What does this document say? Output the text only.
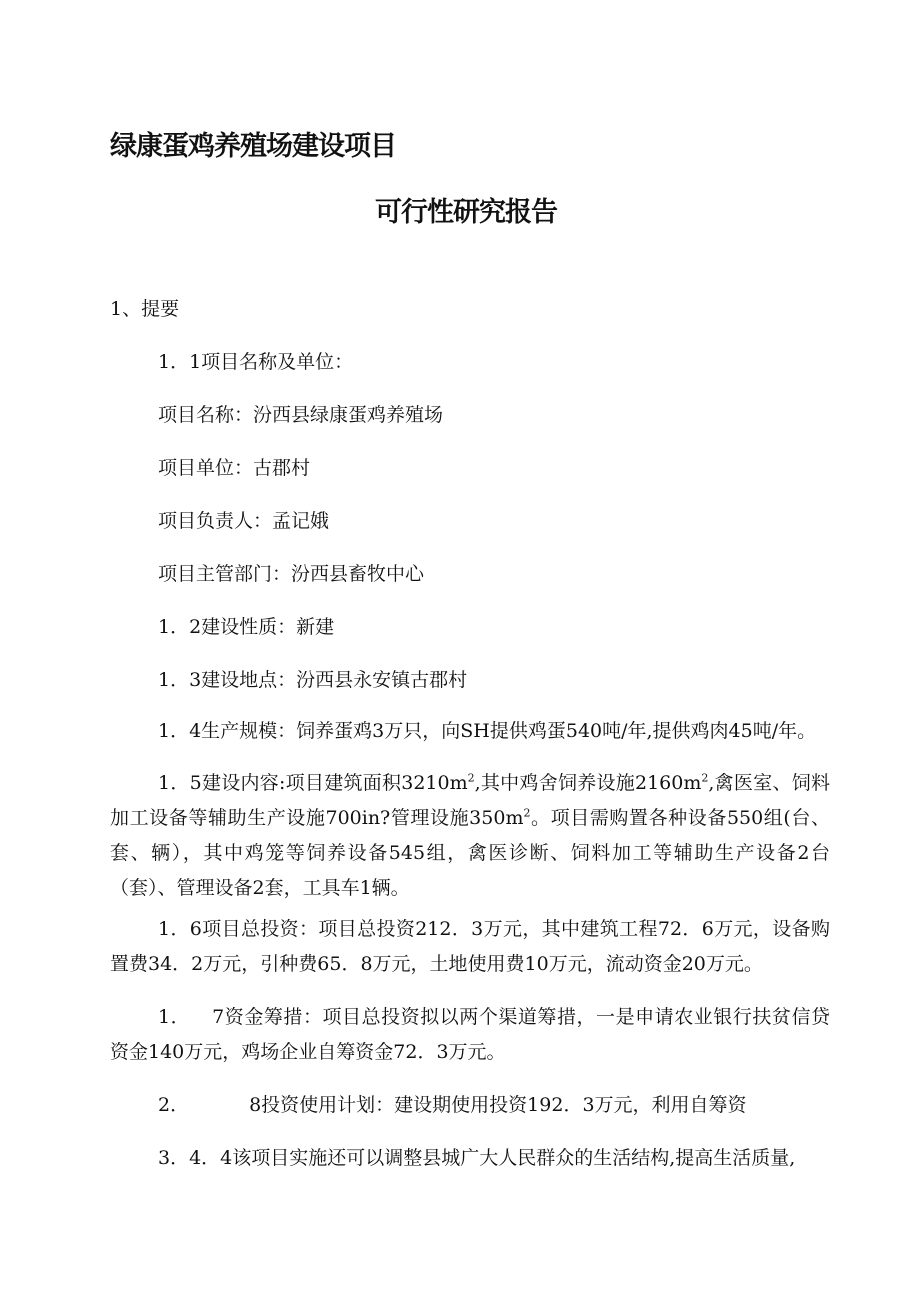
绿康蛋鸡养殖场建设项目
可行性研究报告
1、提要
1．1项目名称及单位：
项目名称：汾西县绿康蛋鸡养殖场
项目单位：古郡村
项目负责人：孟记娥
项目主管部门：汾西县畜牧中心
1．2建设性质：新建
1．3建设地点：汾西县永安镇古郡村
1．4生产规模：饲养蛋鸡3万只，向SH提供鸡蛋540吨/年,提供鸡肉45吨/年。
1．5建设内容:项目建筑面积$3210m^2$,其中鸡舍饲养设施$2160m^2$,禽医室、饲料加工设备等辅助生产设施700in?管理设施$350m^2$。项目需购置各种设备550组(台、套、辆），其中鸡笼等饲养设备545组，禽医诊断、饲料加工等辅助生产设备2台（套）、管理设备2套，工具车1辆。
1．6项目总投资：项目总投资212．3万元，其中建筑工程72．6万元，设备购置费34．2万元，引种费65．8万元，土地使用费10万元，流动资金20万元。
1． 7资金筹措：项目总投资拟以两个渠道筹措，一是申请农业银行扶贫信贷资金140万元，鸡场企业自筹资金72．3万元。
2．	8投资使用计划：建设期使用投资192．3万元，利用自筹资
3．4．4该项目实施还可以调整县城广大人民群众的生活结构,提高生活质量,
